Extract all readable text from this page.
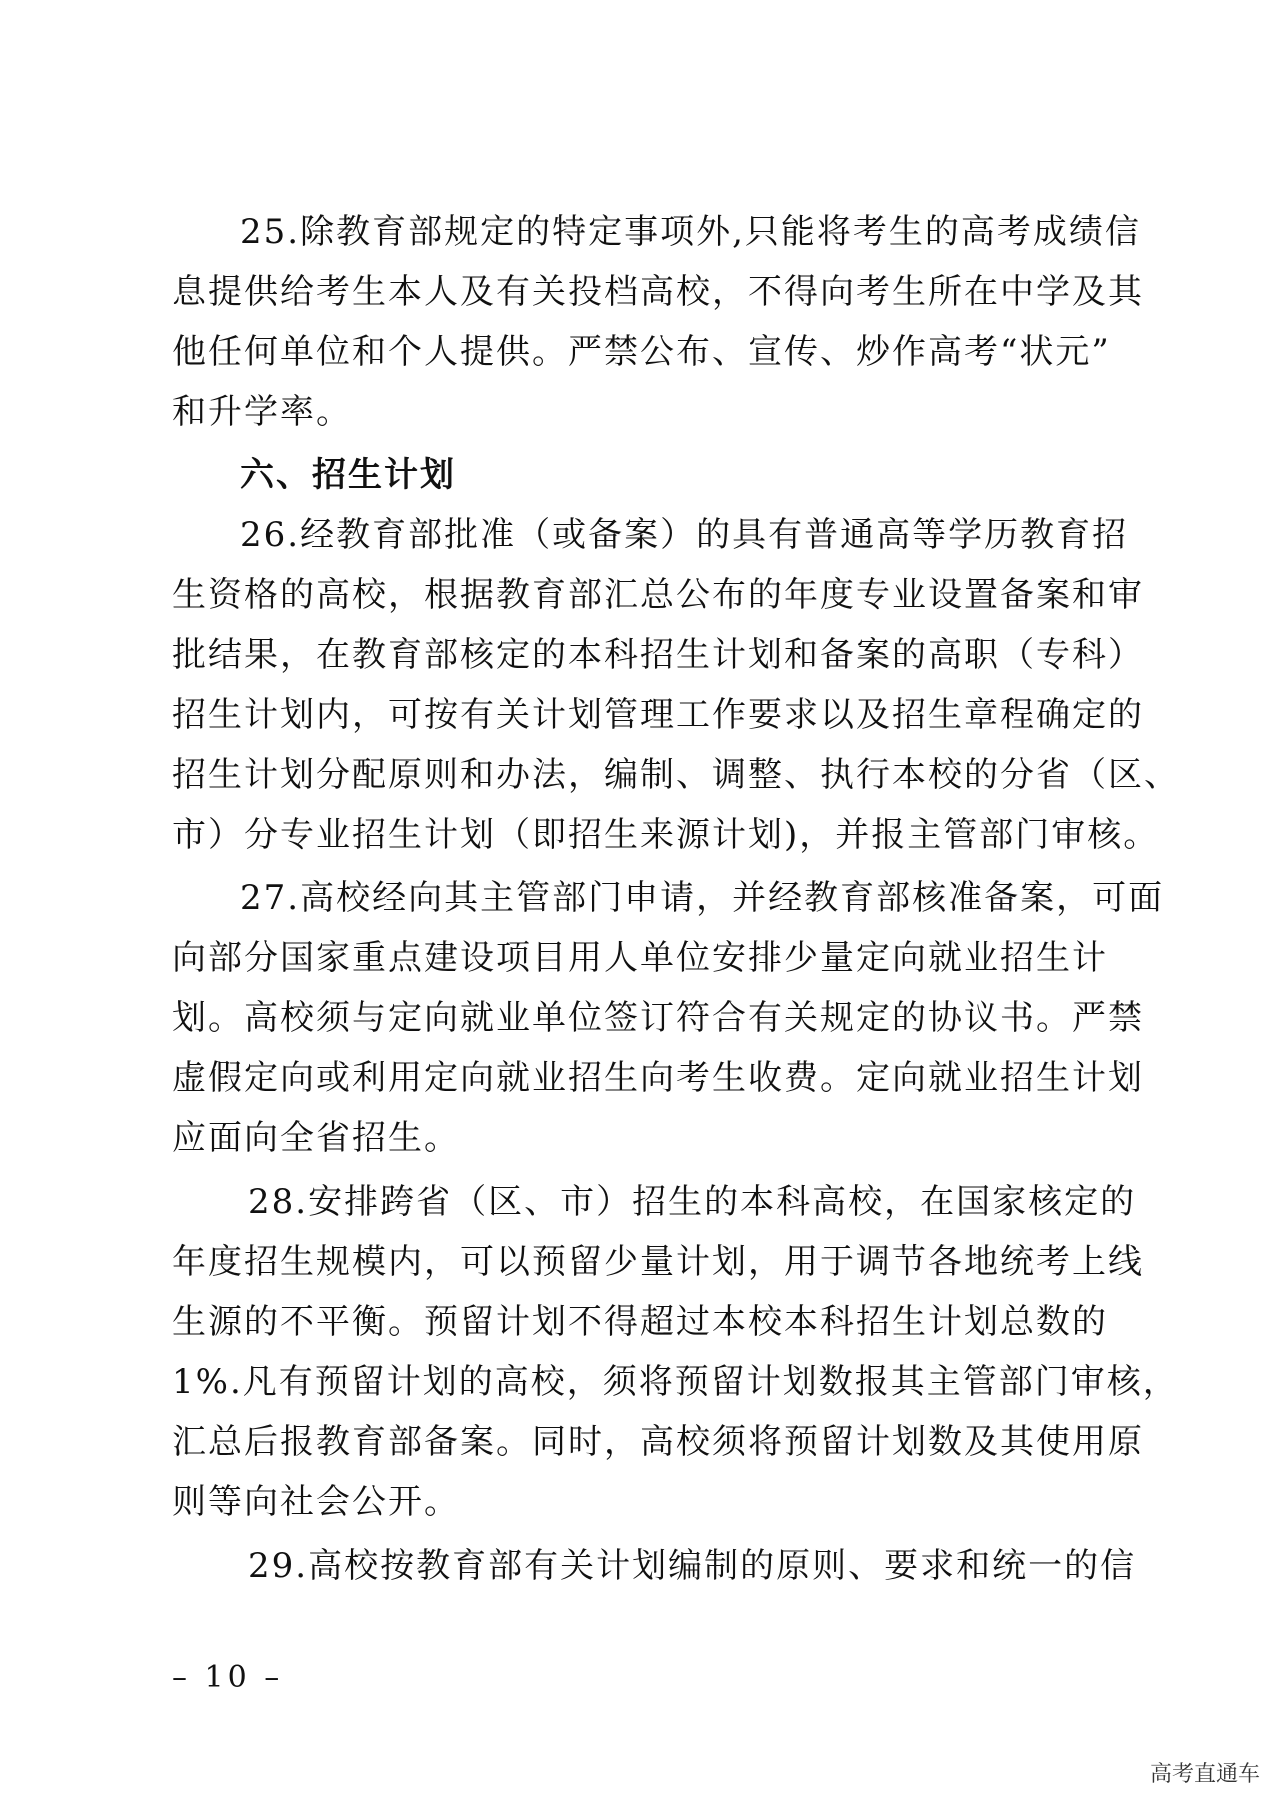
25.除教育部规定的特定事项外,只能将考生的高考成绩信
息提供给考生本人及有关投档高校，不得向考生所在中学及其
他任何单位和个人提供。严禁公布、宣传、炒作高考“状元”
和升学率。
六、招生计划
26.经教育部批准（或备案）的具有普通高等学历教育招
生资格的高校，根据教育部汇总公布的年度专业设置备案和审
批结果，在教育部核定的本科招生计划和备案的高职（专科）
招生计划内，可按有关计划管理工作要求以及招生章程确定的
招生计划分配原则和办法，编制、调整、执行本校的分省（区、
市）分专业招生计划（即招生来源计划)，并报主管部门审核。
27.高校经向其主管部门申请，并经教育部核准备案，可面
向部分国家重点建设项目用人单位安排少量定向就业招生计
划。高校须与定向就业单位签订符合有关规定的协议书。严禁
虚假定向或利用定向就业招生向考生收费。定向就业招生计划
应面向全省招生。
28.安排跨省（区、市）招生的本科高校，在国家核定的
年度招生规模内，可以预留少量计划，用于调节各地统考上线
生源的不平衡。预留计划不得超过本校本科招生计划总数的
1%.凡有预留计划的高校，须将预留计划数报其主管部门审核，
汇总后报教育部备案。同时，高校须将预留计划数及其使用原
则等向社会公开。
29.高校按教育部有关计划编制的原则、要求和统一的信
– 10 –
高考直通车
